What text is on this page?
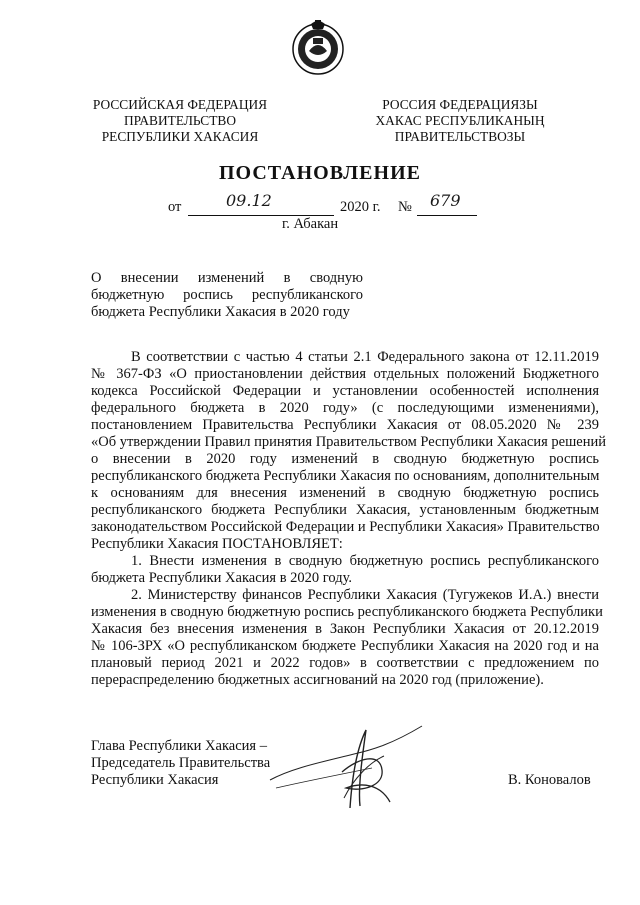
РОССИЙСКАЯ ФЕДЕРАЦИЯ
ПРАВИТЕЛЬСТВО
РЕСПУБЛИКИ ХАКАСИЯ
РОССИЯ ФЕДЕРАЦИЯЗЫ
ХАКАС РЕСПУБЛИКАНЫҢ
ПРАВИТЕЛЬСТВОЗЫ
ПОСТАНОВЛЕНИЕ
от	09.12	2020 г. № 679
г. Абакан
О внесении изменений в сводную
бюджетную роспись республиканского
бюджета Республики Хакасия в 2020 году
В соответствии с частью 4 статьи 2.1 Федерального закона от 12.11.2019
№ 367-ФЗ «О приостановлении действия отдельных положений Бюджетного
кодекса Российской Федерации и установлении особенностей исполнения
федерального бюджета в 2020 году» (с последующими изменениями),
постановлением Правительства Республики Хакасия от 08.05.2020 № 239
«Об утверждении Правил принятия Правительством Республики Хакасия решений
о внесении в 2020 году изменений в сводную бюджетную роспись
республиканского бюджета Республики Хакасия по основаниям, дополнительным
к основаниям для внесения изменений в сводную бюджетную роспись
республиканского бюджета Республики Хакасия, установленным бюджетным
законодательством Российской Федерации и Республики Хакасия» Правительство
Республики Хакасия ПОСТАНОВЛЯЕТ:
1. Внести изменения в сводную бюджетную роспись республиканского
бюджета Республики Хакасия в 2020 году.
2. Министерству финансов Республики Хакасия (Тугужеков И.А.) внести
изменения в сводную бюджетную роспись республиканского бюджета Республики
Хакасия без внесения изменения в Закон Республики Хакасия от 20.12.2019
№ 106-ЗРХ «О республиканском бюджете Республики Хакасия на 2020 год и на
плановый период 2021 и 2022 годов» в соответствии с предложением по
перераспределению бюджетных ассигнований на 2020 год (приложение).
Глава Республики Хакасия –
Председатель Правительства
Республики Хакасия	В. Коновалов
